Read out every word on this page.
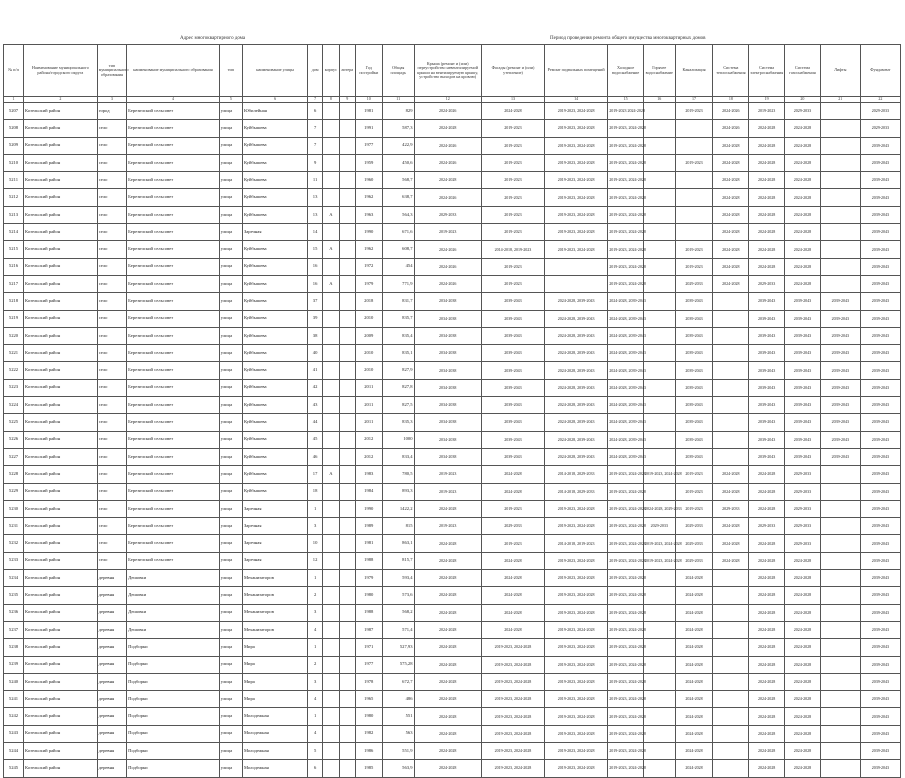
Адрес многоквартирного дома	Период проведения ремонта общего имущества многоквартирных домов
№ п/п	Наименование муниципального района/городского округа	тип муниципального образования	наименование муниципального образования	тип	наименование улицы	дом	корпус	литера	Год постройки	Общая площадь	Крыша (ремонт и (или) переустройство невентилируемой крыши на вентилируемую крышу, устройство выходов на кровлю)	Фасады (ремонт и (или) утепление)	Ремонт подвальных помещений	Холодное водоснабжение	Горячее водоснабжение	Канализация	Система теплоснабжения	Система электроснабжения	Система газоснабжения	Лифты	Фундамент
1	2	3	4	5	6	7	8	9	10	11	12	13	14	15	16	17	18	19	20	21	22
5207	Козельский район	город	Березичский сельсовет	улица	Юбилейная	6			1981	829	2024-2026	2024-2028	2019-2023, 2024-2028	2019-2023 2024-2028		2019-2023	2024-2026	2019-2023	2029-2033		2029-2033
5208	Козельский район	село	Березичский сельсовет	улица	Куйбышева	7			1991	587,3	2024-2028	2019-2023	2019-2023, 2024-2028	2019-2023, 2024-2028			2024-2026	2024-2028	2024-2028		2029-2033
5209	Козельский район	село	Березичский сельсовет	улица	Куйбышева	7			1977	422,9	2024-2026	2019-2023	2019-2023, 2024-2028	2019-2023, 2024-2028			2024-2028	2024-2028	2024-2028		2039-2043
5210	Козельский район	село	Березичский сельсовет	улица	Куйбышева	9			1959	450,6	2024-2026	2019-2023	2019-2023, 2024-2028	2019-2023, 2024-2028		2019-2023	2024-2028	2024-2028	2024-2028		2039-2043
5211	Козельский район	село	Березичский сельсовет	улица	Куйбышева	11			1960	568,7	2024-2028	2019-2023	2019-2023, 2024-2028	2019-2023, 2024-2028			2024-2028	2024-2028	2024-2028		2039-2043
5212	Козельский район	село	Березичский сельсовет	улица	Куйбышева	13			1962	638,7	2024-2026	2019-2023	2019-2023, 2024-2028	2019-2023, 2024-2028			2024-2028	2024-2028	2024-2028		2039-2043
5213	Козельский район	село	Березичский сельсовет	улица	Куйбышева	13	А		1963	564,3	2029-2033	2019-2023	2019-2023, 2024-2028	2019-2023, 2024-2028			2024-2028	2024-2028	2024-2028		2039-2043
5214	Козельский район	село	Березичский сельсовет	улица	Заречная	14			1990	671,6	2019-2023	2019-2023	2019-2023, 2024-2028	2019-2023, 2024-2028			2024-2028	2024-2028	2024-2028		2039-2043
5215	Козельский район	село	Березичский сельсовет	улица	Куйбышева	15	А		1962	608,7	2024-2026	2014-2018, 2019-2023	2019-2023, 2024-2028	2019-2023, 2024-2028		2019-2023	2024-2028	2024-2028	2024-2028		2039-2043
5216	Козельский район	село	Березичский сельсовет	улица	Куйбышева	16			1972	454	2024-2026	2019-2023		2019-2023, 2024-2028		2019-2023	2024-2028	2024-2028	2024-2028		2039-2043
5217	Козельский район	село	Березичский сельсовет	улица	Куйбышева	16	А		1979	771,9	2024-2026	2019-2023		2019-2023, 2024-2028		2029-2033	2024-2028	2029-2033	2024-2028		2039-2043
5218	Козельский район	село	Березичский сельсовет	улица	Куйбышева	37			2018	831,7	2034-2038	2039-2043	2024-2028, 2039-2043	2024-2028, 2039-2043		2039-2043		2039-2043	2039-2043	2039-2043	2039-2043
5219	Козельский район	село	Березичский сельсовет	улица	Куйбышева	39			2010	835,7	2034-2038	2039-2043	2024-2028, 2039-2043	2024-2028, 2039-2043		2039-2043		2039-2043	2039-2043	2039-2043	2039-2043
5220	Козельский район	село	Березичский сельсовет	улица	Куйбышева	38			2009	835,4	2034-2038	2039-2043	2024-2028, 2039-2043	2024-2028, 2039-2043		2039-2043		2039-2043	2039-2043	2039-2043	2039-2043
5221	Козельский район	село	Березичский сельсовет	улица	Куйбышева	40			2010	835,1	2034-2038	2039-2043	2024-2028, 2039-2043	2024-2028, 2039-2043		2039-2043		2039-2043	2039-2043	2039-2043	2039-2043
5222	Козельский район	село	Березичский сельсовет	улица	Куйбышева	41			2010	827,9	2034-2038	2039-2043	2024-2028, 2039-2043	2024-2028, 2039-2043		2039-2043		2039-2043	2039-2043	2039-2043	2039-2043
5223	Козельский район	село	Березичский сельсовет	улица	Куйбышева	42			2011	827,8	2034-2038	2039-2043	2024-2028, 2039-2043	2024-2028, 2039-2043		2039-2043		2039-2043	2039-2043	2039-2043	2039-2043
5224	Козельский район	село	Березичский сельсовет	улица	Куйбышева	43			2011	827,5	2034-2038	2039-2043	2024-2028, 2039-2043	2024-2028, 2039-2043		2039-2043		2039-2043	2039-2043	2039-2043	2039-2043
5225	Козельский район	село	Березичский сельсовет	улица	Куйбышева	44			2011	835,3	2034-2038	2039-2043	2024-2028, 2039-2043	2024-2028, 2039-2043		2039-2043		2039-2043	2039-2043	2039-2043	2039-2043
5226	Козельский район	село	Березичский сельсовет	улица	Куйбышева	45			2012	1000	2034-2038	2039-2043	2024-2028, 2039-2043	2024-2028, 2039-2043		2039-2043		2039-2043	2039-2043	2039-2043	2039-2043
5227	Козельский район	село	Березичский сельсовет	улица	Куйбышева	46			2012	833,4	2034-2038	2039-2043	2024-2028, 2039-2043	2024-2028, 2039-2043		2039-2043		2039-2043	2039-2043	2039-2043	2039-2043
5228	Козельский район	село	Березичский сельсовет	улица	Куйбышева	17	А		1983	780,5	2019-2023	2024-2028	2014-2018, 2029-2033	2019-2023, 2024-2028	2019-2023, 2024-2028	2019-2023	2024-2028	2024-2028	2029-2033		2039-2043
5229	Козельский район	село	Березичский сельсовет	улица	Куйбышева	18			1984	893,3	2019-2023	2024-2028	2014-2018, 2029-2033	2019-2023, 2024-2028		2019-2023	2024-2028	2024-2028	2029-2033		2039-2043
5230	Козельский район	село	Березичский сельсовет	улица	Заречная	1			1990	1422,2	2024-2028	2019-2023	2019-2023, 2024-2028	2019-2023, 2024-2028	2024-2028, 2029-2033	2019-2023	2029-2033	2024-2028	2029-2033		2039-2043
5231	Козельский район	село	Березичский сельсовет	улица	Заречная	3			1989	815	2019-2023	2029-2033	2019-2023, 2024-2028	2019-2023, 2024-2028	2029-2033	2029-2033	2024-2028	2029-2033	2029-2033		2039-2043
5232	Козельский район	село	Березичский сельсовет	улица	Заречная	10			1981	863,1	2024-2028	2019-2023	2014-2018, 2019-2023	2019-2023, 2024-2028	2019-2023, 2024-2028	2029-2033	2024-2028	2024-2028	2029-2033		2039-2043
5233	Козельский район	село	Березичский сельсовет	улица	Заречная	12			1988	815,7	2024-2028	2024-2028	2019-2023, 2024-2028	2019-2023, 2024-2028	2019-2023, 2024-2028	2029-2033	2024-2028	2024-2028	2024-2028		2039-2043
5234	Козельский район	деревня	Дешовки	улица	Механизаторов	1			1979	593,4	2024-2028	2024-2028	2019-2023, 2024-2028	2019-2023, 2024-2028		2024-2028		2024-2028	2024-2028		2039-2043
5235	Козельский район	деревня	Дешовки	улица	Механизаторов	2			1980	573,6	2024-2028	2024-2028	2019-2023, 2024-2028	2019-2023, 2024-2028		2024-2028		2024-2028	2024-2028		2039-2043
5236	Козельский район	деревня	Дешовки	улица	Механизаторов	3			1988	568,2	2024-2028	2024-2028	2019-2023, 2024-2028	2019-2023, 2024-2028		2024-2028		2024-2028	2024-2028		2039-2043
5237	Козельский район	деревня	Дешовки	улица	Механизаторов	4			1987	571,4	2024-2028	2024-2028	2019-2023, 2024-2028	2019-2023, 2024-2028		2024-2028		2024-2028	2024-2028		2039-2043
5238	Козельский район	деревня	Подборки	улица	Мира	1			1971	527,93	2024-2028	2019-2023, 2024-2028	2019-2023, 2024-2028	2019-2023, 2024-2028		2024-2028		2024-2028	2024-2028		2039-2043
5239	Козельский район	деревня	Подборки	улица	Мира	2			1977	575,28	2024-2028	2019-2023, 2024-2028	2019-2023, 2024-2028	2019-2023, 2024-2028		2024-2028		2024-2028	2024-2028		2039-2043
5240	Козельский район	деревня	Подборки	улица	Мира	3			1978	672,7	2024-2028	2019-2023, 2024-2028	2019-2023, 2024-2028	2019-2023, 2024-2028		2024-2028		2024-2028	2024-2028		2039-2043
5241	Козельский район	деревня	Подборки	улица	Мира	4			1965	486	2024-2028	2019-2023, 2024-2028	2019-2023, 2024-2028	2019-2023, 2024-2028		2024-2028		2024-2028	2024-2028		2039-2043
5242	Козельский район	деревня	Подборки	улица	Молодежная	1			1980	551	2024-2028	2019-2023, 2024-2028	2019-2023, 2024-2028	2019-2023, 2024-2028		2024-2028		2024-2028	2024-2028		2039-2043
5243	Козельский район	деревня	Подборки	улица	Молодежная	4			1982	563	2024-2028	2019-2023, 2024-2028	2019-2023, 2024-2028	2019-2023, 2024-2028		2024-2028		2024-2028	2024-2028		2039-2043
5244	Козельский район	деревня	Подборки	улица	Молодежная	5			1986	551,9	2024-2028	2019-2023, 2024-2028	2019-2023, 2024-2028	2019-2023, 2024-2028		2024-2028		2024-2028	2024-2028		2039-2043
5245	Козельский район	деревня	Подборки	улица	Молодежная	6			1985	563,9	2024-2028	2019-2023, 2024-2028	2019-2023, 2024-2028	2019-2023, 2024-2028		2024-2028		2024-2028	2024-2028		2039-2043
